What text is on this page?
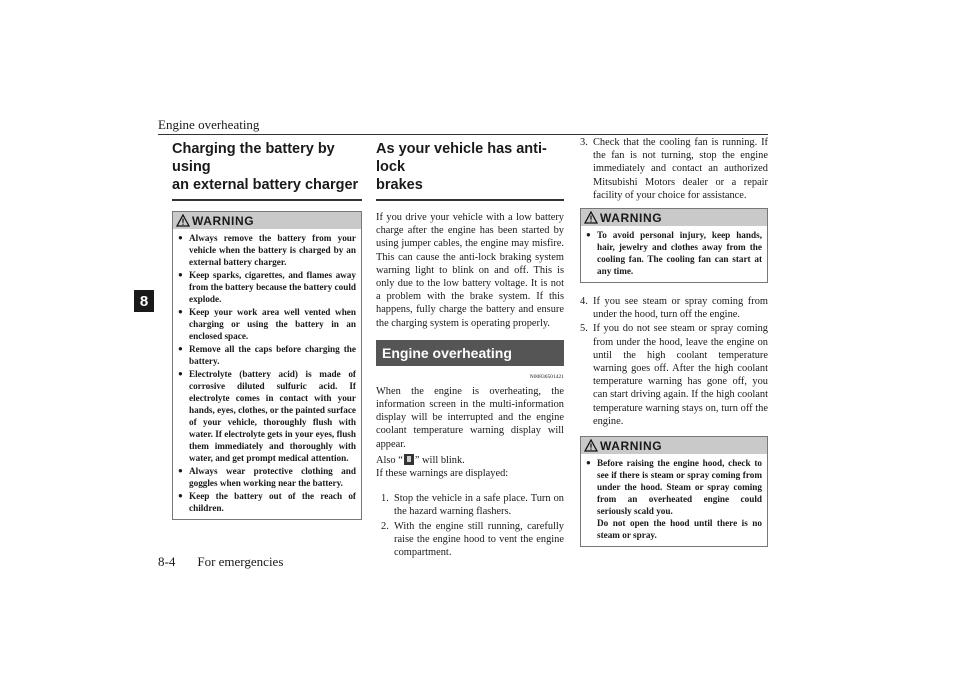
Engine overheating
8
Charging the battery by using
an external battery charger
WARNING
● Always remove the battery from your vehicle when the battery is charged by an external battery charger.
● Keep sparks, cigarettes, and flames away from the battery because the battery could explode.
● Keep your work area well vented when charging or using the battery in an enclosed space.
● Remove all the caps before charging the battery.
● Electrolyte (battery acid) is made of corrosive diluted sulfuric acid. If electrolyte comes in contact with your hands, eyes, clothes, or the painted surface of your vehicle, thoroughly flush with water. If electrolyte gets in your eyes, flush them immediately and thoroughly with water, and get prompt medical attention.
● Always wear protective clothing and goggles when working near the battery.
● Keep the battery out of the reach of children.
As your vehicle has anti-lock
brakes

If you drive your vehicle with a low battery charge after the engine has been started by using jumper cables, the engine may misfire. This can cause the anti-lock braking system warning light to blink on and off. This is only due to the low battery voltage. It is not a problem with the brake system. If this happens, fully charge the battery and ensure the charging system is operating properly.

Engine overheating
N00836501421

When the engine is overheating, the information screen in the multi-information display will be interrupted and the engine coolant temperature warning display will appear.

Also “ ” will blink.

If these warnings are displayed:

1. Stop the vehicle in a safe place. Turn on the hazard warning flashers.
2. With the engine still running, carefully raise the engine hood to vent the engine compartment.
3. Check that the cooling fan is running. If the fan is not turning, stop the engine immediately and contact an authorized Mitsubishi Motors dealer or a repair facility of your choice for assistance.
WARNING
● To avoid personal injury, keep hands, hair, jewelry and clothes away from the cooling fan. The cooling fan can start at any time.
4. If you see steam or spray coming from under the hood, turn off the engine.
5. If you do not see steam or spray coming from under the hood, leave the engine on until the high coolant temperature warning goes off. After the high coolant temperature warning has gone off, you can start driving again. If the high coolant temperature warning stays on, turn off the engine.
WARNING
● Before raising the engine hood, check to see if there is steam or spray coming from under the hood. Steam or spray coming from an overheated engine could seriously scald you.
Do not open the hood until there is no steam or spray.
8-4 For emergencies
